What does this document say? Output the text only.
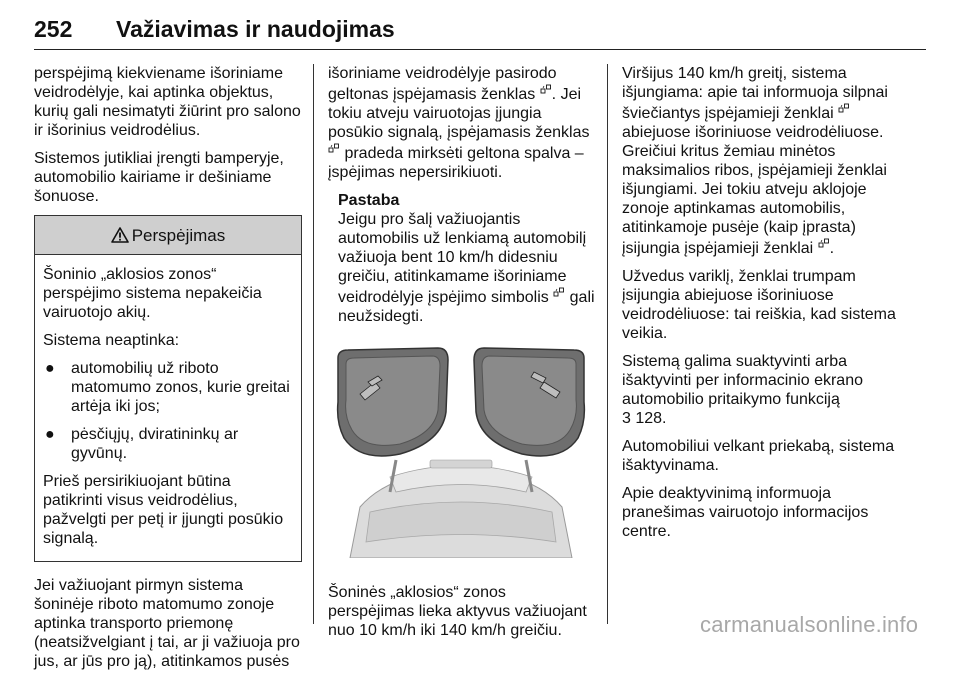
252 Važiavimas ir naudojimas

perspėjimą kiekviename išoriniame veidrodėlyje, kai aptinka objektus, kurių gali nesimatyti žiūrint pro salono ir išorinius veidrodėlius.

Sistemos jutikliai įrengti bamperyje, automobilio kairiame ir dešiniame šonuose.

Perspėjimas

Šoninio „aklosios zonos“ perspėjimo sistema nepakeičia vairuotojo akių.

Sistema neaptinka:

● automobilių už riboto matomumo zonos, kurie greitai artėja iki jos;
● pėsčiųjų, dviratininkų ar gyvūnų.

Prieš persirikiuojant būtina patikrinti visus veidrodėlius, pažvelgti per petį ir įjungti posūkio signalą.

Jei važiuojant pirmyn sistema šoninėje riboto matomumo zonoje aptinka transporto priemonę (neatsižvelgiant į tai, ar ji važiuoja pro jus, ar jūs pro ją), atitinkamos pusės

išoriniame veidrodėlyje pasirodo geltonas įspėjamasis ženklas . Jei tokiu atveju vairuotojas įjungia posūkio signalą, įspėjamasis ženklas  pradeda mirksėti geltona spalva – įspėjimas nepersirikiuoti.

Pastaba
Jeigu pro šalį važiuojantis automobilis už lenkiamą automobilį važiuoja bent 10 km/h didesniu greičiu, atitinkamame išoriniame veidrodėlyje įspėjimo simbolis gali neužsidegti.

Šoninės „aklosios“ zonos perspėjimas lieka aktyvus važiuojant nuo 10 km/h iki 140 km/h greičiu.

Viršijus 140 km/h greitį, sistema išjungiama: apie tai informuoja silpnai šviečiantys įspėjamieji ženklai  abiejuose išoriniuose veidrodėliuose. Greičiui kritus žemiau minėtos maksimalios ribos, įspėjamieji ženklai išjungiami. Jei tokiu atveju aklojoje zonoje aptinkamas automobilis, atitinkamoje pusėje (kaip įprasta) įsijungia įspėjamieji ženklai .

Užvedus variklį, ženklai trumpam įsijungia abiejuose išoriniuose veidrodėliuose: tai reiškia, kad sistema veikia.

Sistemą galima suaktyvinti arba išaktyvinti per informacinio ekrano automobilio pritaikymo funkciją
3 128.

Automobiliui velkant priekabą, sistema išaktyvinama.

Apie deaktyvinimą informuoja pranešimas vairuotojo informacijos centre.

carmanualsonline.info
